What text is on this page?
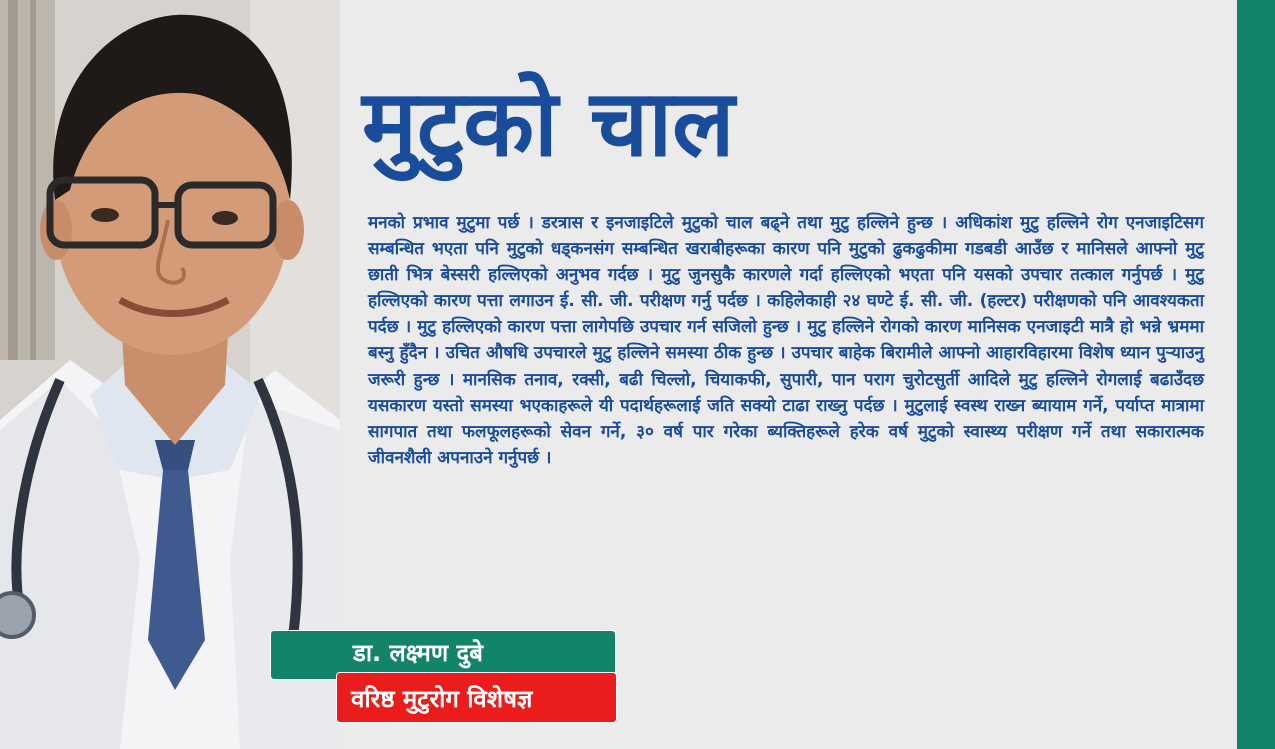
मुटुको चाल
मनको प्रभाव मुटुमा पर्छ । डरत्रास र इनजाइटिले मुटुको चाल बढ्ने तथा मुटु हल्लिने हुन्छ । अधिकांश मुटु हल्लिने रोग एनजाइटिसग सम्बन्धित भएता पनि मुटुको धड्कनसंग सम्बन्धित खराबीहरूका कारण पनि मुटुको ढुकढुकीमा गडबडी आउँछ र मानिसले आफ्नो मुटु छाती भित्र बेस्सरी हल्लिएको अनुभव गर्दछ । मुटु जुनसुकै कारणले गर्दा हल्लिएको भएता पनि यसको उपचार तत्काल गर्नुपर्छ । मुटु हल्लिएको कारण पत्ता लगाउन ई. सी. जी. परीक्षण गर्नु पर्दछ । कहिलेकाही २४ घण्टे ई. सी. जी. (हल्टर) परीक्षणको पनि आवश्यकता पर्दछ । मुटु हल्लिएको कारण पत्ता लागेपछि उपचार गर्न सजिलो हुन्छ । मुटु हल्लिने रोगको कारण मानिसक एनजाइटी मात्रै हो भन्ने भ्रममा बस्नु हुँदैन । उचित औषधि उपचारले मुटु हल्लिने समस्या ठीक हुन्छ । उपचार बाहेक बिरामीले आफ्नो आहारविहारमा विशेष ध्यान पुर्‍याउनु जरूरी हुन्छ । मानसिक तनाव, रक्सी, बढी चिल्लो, चियाकफी, सुपारी, पान पराग चुरोटसुर्ती आदिले मुटु हल्लिने रोगलाई बढाउँदछ यसकारण यस्तो समस्या भएकाहरूले यी पदार्थहरूलाई जति सक्यो टाढा राख्नु पर्दछ । मुटुलाई स्वस्थ राख्न ब्यायाम गर्ने, पर्याप्त मात्रामा सागपात तथा फलफूलहरूको सेवन गर्ने, ३० वर्ष पार गरेका ब्यक्तिहरूले हरेक वर्ष मुटुको स्वास्थ्य परीक्षण गर्ने तथा सकारात्मक जीवनशैली अपनाउने गर्नुपर्छ ।
डा. लक्ष्मण दुबे
वरिष्ठ मुटुरोग विशेषज्ञ
